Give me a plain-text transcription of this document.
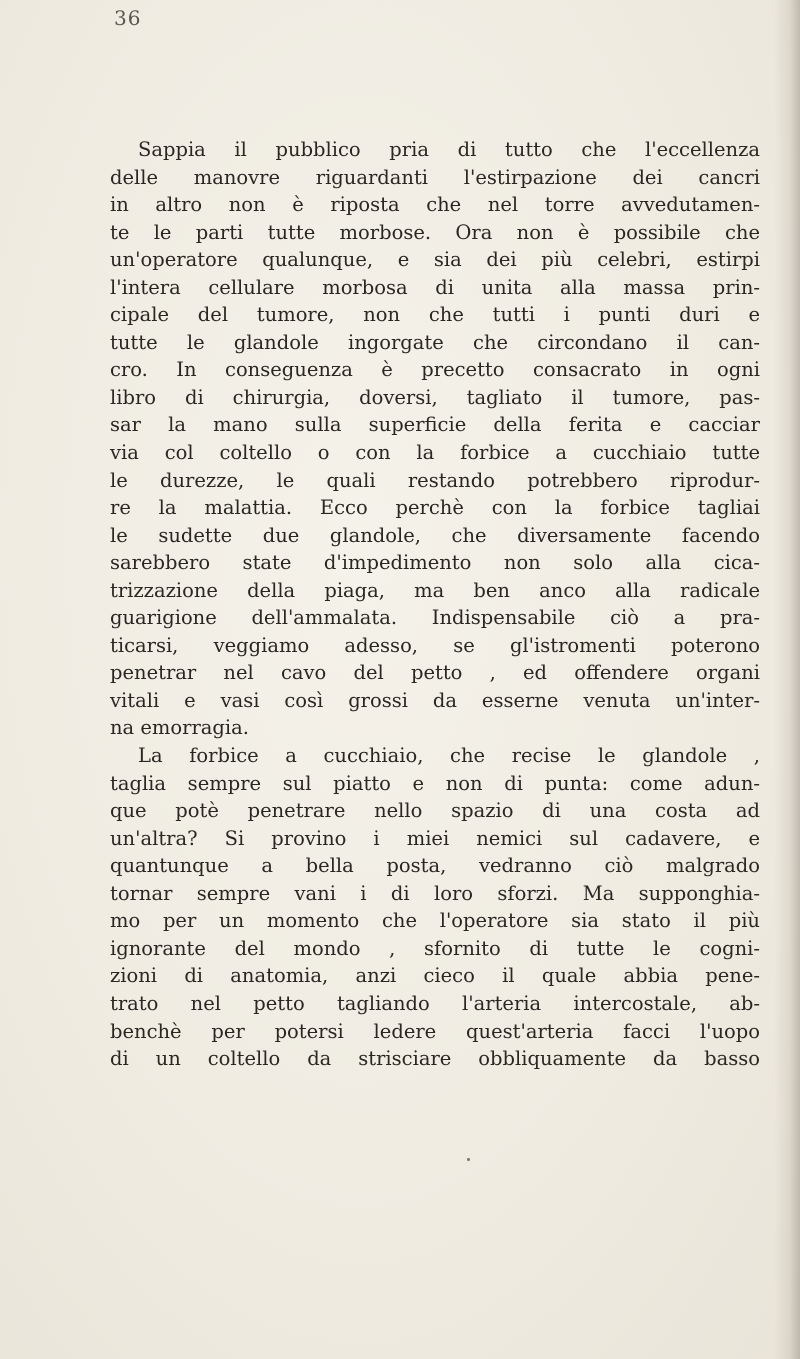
36
Sappia il pubblico pria di tutto che l'eccellenza
delle manovre riguardanti l'estirpazione dei cancri
in altro non è riposta che nel torre avvedutamen-
te le parti tutte morbose. Ora non è possibile che
un'operatore qualunque, e sia dei più celebri, estirpi
l'intera cellulare morbosa di unita alla massa prin-
cipale del tumore, non che tutti i punti duri e
tutte le glandole ingorgate che circondano il can-
cro. In conseguenza è precetto consacrato in ogni
libro di chirurgia, doversi, tagliato il tumore, pas-
sar la mano sulla superficie della ferita e cacciar
via col coltello o con la forbice a cucchiaio tutte
le durezze, le quali restando potrebbero riprodur-
re la malattia. Ecco perchè con la forbice tagliai
le sudette due glandole, che diversamente facendo
sarebbero state d'impedimento non solo alla cica-
trizzazione della piaga, ma ben anco alla radicale
guarigione dell'ammalata. Indispensabile ciò a pra-
ticarsi, veggiamo adesso, se gl'istromenti poterono
penetrar nel cavo del petto , ed offendere organi
vitali e vasi così grossi da esserne venuta un'inter-
na emorragia.
La forbice a cucchiaio, che recise le glandole ,
taglia sempre sul piatto e non di punta: come adun-
que potè penetrare nello spazio di una costa ad
un'altra? Si provino i miei nemici sul cadavere, e
quantunque a bella posta, vedranno ciò malgrado
tornar sempre vani i di loro sforzi. Ma supponghia-
mo per un momento che l'operatore sia stato il più
ignorante del mondo , sfornito di tutte le cogni-
zioni di anatomia, anzi cieco il quale abbia pene-
trato nel petto tagliando l'arteria intercostale, ab-
benchè per potersi ledere quest'arteria facci l'uopo
di un coltello da strisciare obbliquamente da basso
